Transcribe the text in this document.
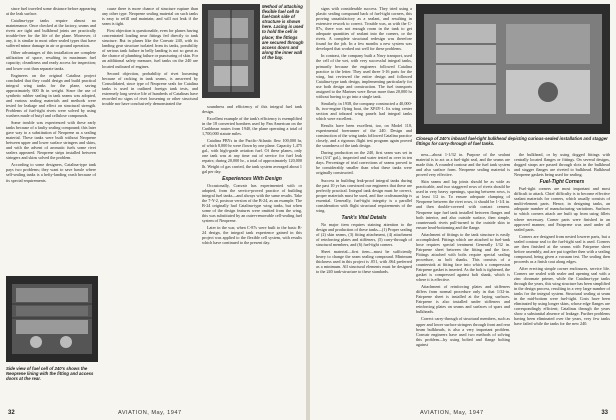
since fuel traveled some distance before appearing at the leak surface.

Catalina-type tanks require almost no maintenance. Once checked at the factory, seams and rivets are tight and bulkhead joints are practically trouble-free for the life of the plane. Moreover, if any, it is similar to most other sealed types that have suffered minor damage in air or ground operation.

Other advantages of this installation are complete utilization of space, resulting in maximum fuel capacity; cleanliness and ready access for inspection; and lower cost than separate tanks.

Engineers on the original Catalina project concluded that they could design and build practical integral wing tanks for the plane, saving approximately 600 lb in weight. Since the use of synthetic rubber sealing in tank seams was adopted, and various sealing materials and methods were tested for leakage and effect on structural strength. Problems of fuel-tight rivets were solved by using washers made of butyl and cellulose compounds.

Some trouble was experienced with these early tanks because of a faulty sealing compound; this later gave way to a substitution of Neoprene as a sealing material. These tanks were built without Neoprene between upper and lower surface stringers and skins, and with the advent of aromatic fuels some rivet sealers appeared. Neoprene strips installed between stringers and skins solved the problem.

According to some designers, Catalina-type tank pays two problems; they want to save hassle where self-sealing tanks is a hefty-landing crash because of its special requirements.

Side view of fuel cell of 240's shows the Neoprene lining with the fitting and access doors at the rear.

cause there is more chance of structure rupture than any other type. Neoprene sealing material on such tanks is easy to refill and maintain; and will not leak if the seam is tight.

First objection is questionable, even for planes having concentrated loading near fittings fed directly to tank structure. But in planes like the Convair 240, with its landing gear structure isolated from its tanks, possibility of serious tank failure in belly landing is not so great as the chance of plumbing failure or puncturing of skin. For an additional safety measure, fuel tanks on the 240 are located outboard of engines.

Second objection, probability of rivet loosening because of racking in tank seams, is answered by Consolidated, since type of Neoprene seals for Catalina tanks is used in outlined foreign tank tests, and extremely long service life of hundreds of Catalinas have recorded no signs of rivet loosening or other structural trouble nor have conclusively demonstrated the

Method of attaching flexible fuel cell to fuel-tank side of structure is shown here. Lacing is used to hold the cell in place; the fittings are secured through access doors and along the inner wall of the bay.

soundness and efficiency of this integral fuel tank design.

Excellent example of the tank's efficiency is exemplified in the 18 converted bombers used by Pan American on the Caribbean routes from 1940, the plane operating a total of 1,700,000 statute miles.

Catalina PBYs in the Pacific-Atlantic flew 100,000 hr, of which 8,000 hr were flown by one plane. Capacity 1,475 gal., with high-grade aviation fuel. Of these planes, only one tank was at any time out of service for fuel leak repairs; during 20,000 hr., a total of approximately 120,000 lb. Weight of gas carried, the tank system averaged about 1 gal per day.

Experiences With Design

Occasionally, Convair has experimented with or adopted, from the service-proved practice of building integral fuel tanks—and always with the same results. Take the 7-Y-2, postwar version of the B-24, as an example. The B-24 originally had Catalina-type wing tanks, but when some of the design features were omitted from the wing, this was substituted by an outer-removable cell-sealing fuel system of Neoprene.

Later in the war, when C-87s were built to the basic B-24 design, the integral tank experience gained in this project was applied to the flexible cell system, with results which have continued to the present day.

32	AVIATION, May, 1947

signs with considerable success. They tried using a plastic sealing compound back of fuel-tight corners, this proving unsatisfactory as a sealant, and resulting in extensive rework to correct. Trouble was, as with the C-87s, there was not enough room in the tank to get adequate quantities of sealant into the corners, or the rivets. A complete structural redesign was therefore found for the job. In a few months a new system was developed that worked out well for these problems.

In contrast, the company built a Navy transport, used the cell of the wet, with very successful integral tanks, primarily because the engineers followed Catalina practice to the letter. They used three 3-16 parts for the wing, but reviewed the entire design and followed Catalina-type tank design, implementing particularly for use both design and construction. The fuel transports assigned to the Marines were flown more than 20,000 hr without having to go into a single tank.

Similarly, in 1938, the company constructed a 40,000-lb, two-engine flying boat, the XP4Y-1. Its wing center section and inboard wing panels had integral tanks which were excellent.

Results have been excellent, too, on Model 110, experimental forerunner of the 240. Design and construction of the wing tanks followed Catalina practice closely, and a rigorous flight test program again proved the soundness of the tank design.

During production on the 240, first seam was set in test (3/4" gal.), inspected and water tested as over in ten days. Percentage of trial corrections of seams proved to be considerably smaller than what these tanks were originally constructed.

Success in building leak-proof integral tanks during the past 10 yr has convinced our engineers that these are perfectly practical. Integral tank design must be correct, proper materials must be used, and fine craftsmanship is essential. Generally, fuel-tight integrity is a parallel consideration with flight structural requirements of the wing.

Tank's Vital Details

No major item requires staining attention to the design and production of these tanks—(1) Proper sealing of (2) skin seams, (3) fitting attachment, (4) attachment of reinforcing plates and stiffeners, (5) carry-through of structural members, and (6) fuel-tight corners.

Sheet material—first item—must be sufficiently heavy to change the seam sealing compound. Minimum thickness used in this project is .051, with .064 preferred as a minimum. All structural elements must be designed to the 240 tank-structure to these standards.

Closeup of 240's inboard fuel-tight bulkhead depicting curious-sealed installation and stagger fittings for carry-through of fuel tanks.

ness—about 1-1/32 in. Purpose of the sealant material is to act as a fuel-tight seal, and the seams are made thin. A rounded contour and the fuel tank system and also surface form. Neoprene sealing material is proved very effective.

Skin seams and lap joints should be as wide as practicable, and two staggered rows of rivets should be used in very heavy openings, spacing between rows, is at least 1/2 in. To ensure adequate clamping of Neoprene between the rivet rows, it should be 1-1/4 in. and then double-covered with contact cement. Neoprene tape fuel tank installed between flanges and both interior, and also outside surface, then simple, countersunk rivets pull-turned to the outside skin to ensure head-bottoming and the flange.

Attachment of fittings to the tank structure is easily accomplished. Fittings which are attached to fuel-tank hose requires special treatment Generally 1/32 in. Fairprene sheet between the fitting and the face. Fittings attached with bolts require special sealing procedure, as bolt shanks. This consists of a countersink at fitting face into which a compression Fairprene gasket is inserted. As the bolt is tightened, the gasket is compressed against bolt shank, which is where it is effective.

Attachment of reinforcing plates and stiffeners differs from normal procedure only in that 1/32-in. Fairprene sheet is installed at the laying surfaces. Fairprene is also installed under stiffeners and reinforcing plates on seams and surfaces of spars and bulkheads.

Correct carry-through of structural members, such as upper and lower surface stringers through front and rear beam bulkheads, is also a very important problem. Convair engineers have used two methods of solving this problem—by using bolted and flange bolting against

the bulkhead, or by using dogged fittings with centrally located flanges or fittings. On several designs, dogged straps are passed through slots in the bulkhead and stagger flanges are riveted to bulkhead. Bulkhead Neoprene gaskets being used for sealing.

Fuel-Tight Corners

Fuel-tight corners are most important and most difficult to attack. Chief difficulty is to become effective sealant materials for corners, which usually consists of multi-element parts. Hence, in designing tanks, an adequate number of manufacturing variations. Surfaces to which corners attach are built up from using fillets where necessary. Corner parts were finished in an approved manner, and Fairprene was used under all sealed parts.

Corners are designed from nested lowerer parts, but a sealed contour seal to the fuel-tight seal is used. Corners are then finished at the seams with Fairprene sheet before assembly, and are put together then with a sealing compound, being given a vacuum test. The sealing then proceeds as a finish coat along edges.

After erecting simple corner enclosures, service life. Corners are sealed with sealer and opening seal with a zinc chromate primer, while the Catalina-type tanks through the years, this wing structure has been simplified in the design process, resulting in a very large number of tanks for the integral system. Structural sealing at seam in the mid-bottom were fuel-tight. Costs have been eliminated by using longer skins, whose edge flanges are correspondingly efficient; Catalinas through the years show a substantial absence of leakage. Further problems having been eliminated over the years, very few tanks have failed while the tanks for the new 240.

AVIATION, May, 1947	33
